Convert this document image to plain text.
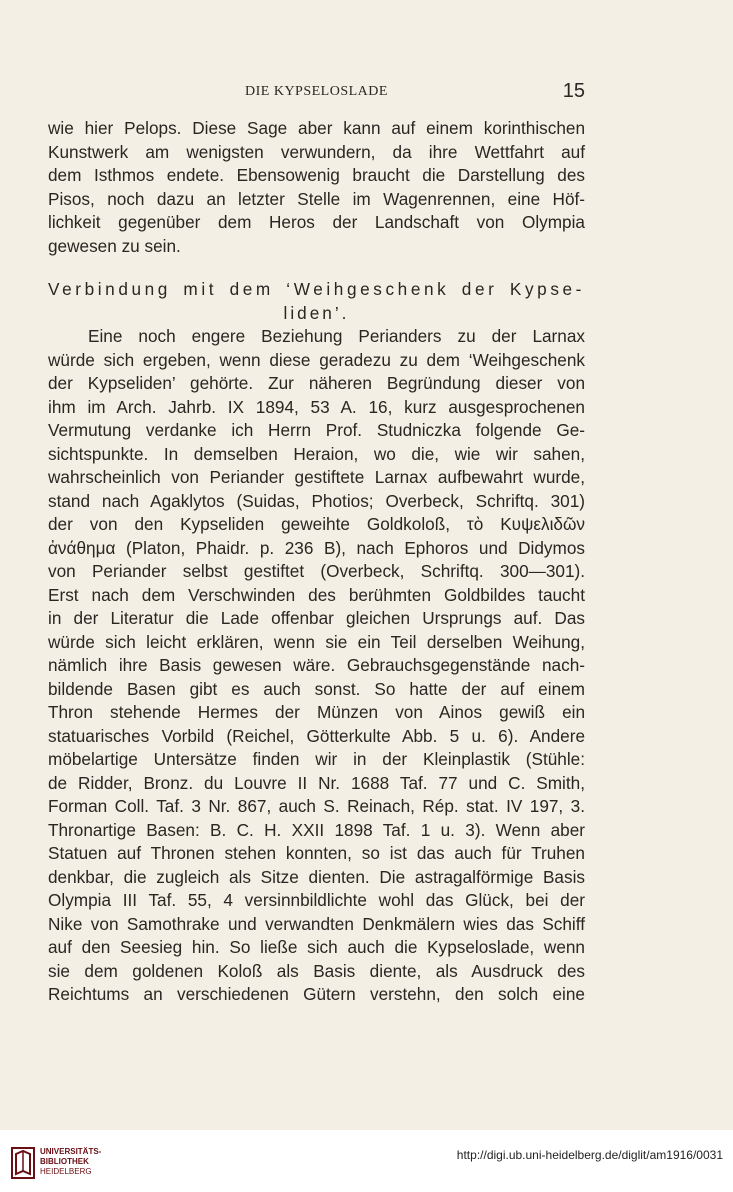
DIE KYPSELOSLADE	15
wie hier Pelops. Diese Sage aber kann auf einem korinthischen
Kunstwerk am wenigsten verwundern, da ihre Wettfahrt auf
dem Isthmos endete. Ebensowenig braucht die Darstellung des
Pisos, noch dazu an letzter Stelle im Wagenrennen, eine Höf-
lichkeit gegenüber dem Heros der Landschaft von Olympia
gewesen zu sein.
Verbindung mit dem ‘Weihgeschenk der Kypse-
liden’.
Eine noch engere Beziehung Perianders zu der Larnax
würde sich ergeben, wenn diese geradezu zu dem ‘Weihgeschenk
der Kypseliden’ gehörte. Zur näheren Begründung dieser von
ihm im Arch. Jahrb. IX 1894, 53 A. 16, kurz ausgesprochenen
Vermutung verdanke ich Herrn Prof. Studniczka folgende Ge-
sichtspunkte. In demselben Heraion, wo die, wie wir sahen,
wahrscheinlich von Periander gestiftete Larnax aufbewahrt wurde,
stand nach Agaklytos (Suidas, Photios; Overbeck, Schriftq. 301)
der von den Kypseliden geweihte Goldkoloß, τὸ Κυψελιδῶν
ἀνάθημα (Platon, Phaidr. p. 236 B), nach Ephoros und Didymos
von Periander selbst gestiftet (Overbeck, Schriftq. 300—301).
Erst nach dem Verschwinden des berühmten Goldbildes taucht
in der Literatur die Lade offenbar gleichen Ursprungs auf. Das
würde sich leicht erklären, wenn sie ein Teil derselben Weihung,
nämlich ihre Basis gewesen wäre. Gebrauchsgegenstände nach-
bildende Basen gibt es auch sonst. So hatte der auf einem
Thron stehende Hermes der Münzen von Ainos gewiß ein
statuarisches Vorbild (Reichel, Götterkulte Abb. 5 u. 6). Andere
möbelartige Untersätze finden wir in der Kleinplastik (Stühle:
de Ridder, Bronz. du Louvre II Nr. 1688 Taf. 77 und C. Smith,
Forman Coll. Taf. 3 Nr. 867, auch S. Reinach, Rép. stat. IV 197, 3.
Thronartige Basen: B. C. H. XXII 1898 Taf. 1 u. 3). Wenn aber
Statuen auf Thronen stehen konnten, so ist das auch für Truhen
denkbar, die zugleich als Sitze dienten. Die astragalförmige Basis
Olympia III Taf. 55, 4 versinnbildlichte wohl das Glück, bei der
Nike von Samothrake und verwandten Denkmälern wies das Schiff
auf den Seesieg hin. So ließe sich auch die Kypseloslade, wenn
sie dem goldenen Koloß als Basis diente, als Ausdruck des
Reichtums an verschiedenen Gütern verstehn, den solch eine
UNIVERSITÄTS-
BIBLIOTHEK
HEIDELBERG
http://digi.ub.uni-heidelberg.de/diglit/am1916/0031
